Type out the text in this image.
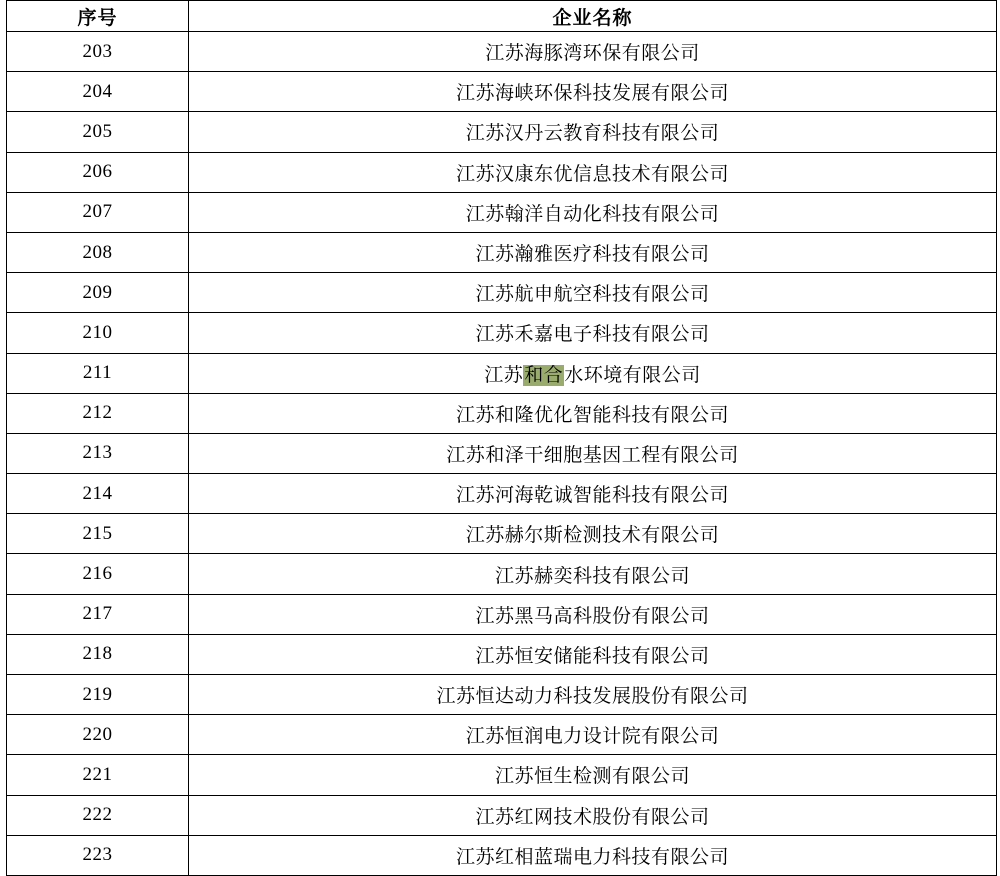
序号	企业名称
203	江苏海豚湾环保有限公司
204	江苏海峡环保科技发展有限公司
205	江苏汉丹云教育科技有限公司
206	江苏汉康东优信息技术有限公司
207	江苏翰洋自动化科技有限公司
208	江苏瀚雅医疗科技有限公司
209	江苏航申航空科技有限公司
210	江苏禾嘉电子科技有限公司
211	江苏和合水环境有限公司
212	江苏和隆优化智能科技有限公司
213	江苏和泽干细胞基因工程有限公司
214	江苏河海乾诚智能科技有限公司
215	江苏赫尔斯检测技术有限公司
216	江苏赫奕科技有限公司
217	江苏黑马高科股份有限公司
218	江苏恒安储能科技有限公司
219	江苏恒达动力科技发展股份有限公司
220	江苏恒润电力设计院有限公司
221	江苏恒生检测有限公司
222	江苏红网技术股份有限公司
223	江苏红相蓝瑞电力科技有限公司
